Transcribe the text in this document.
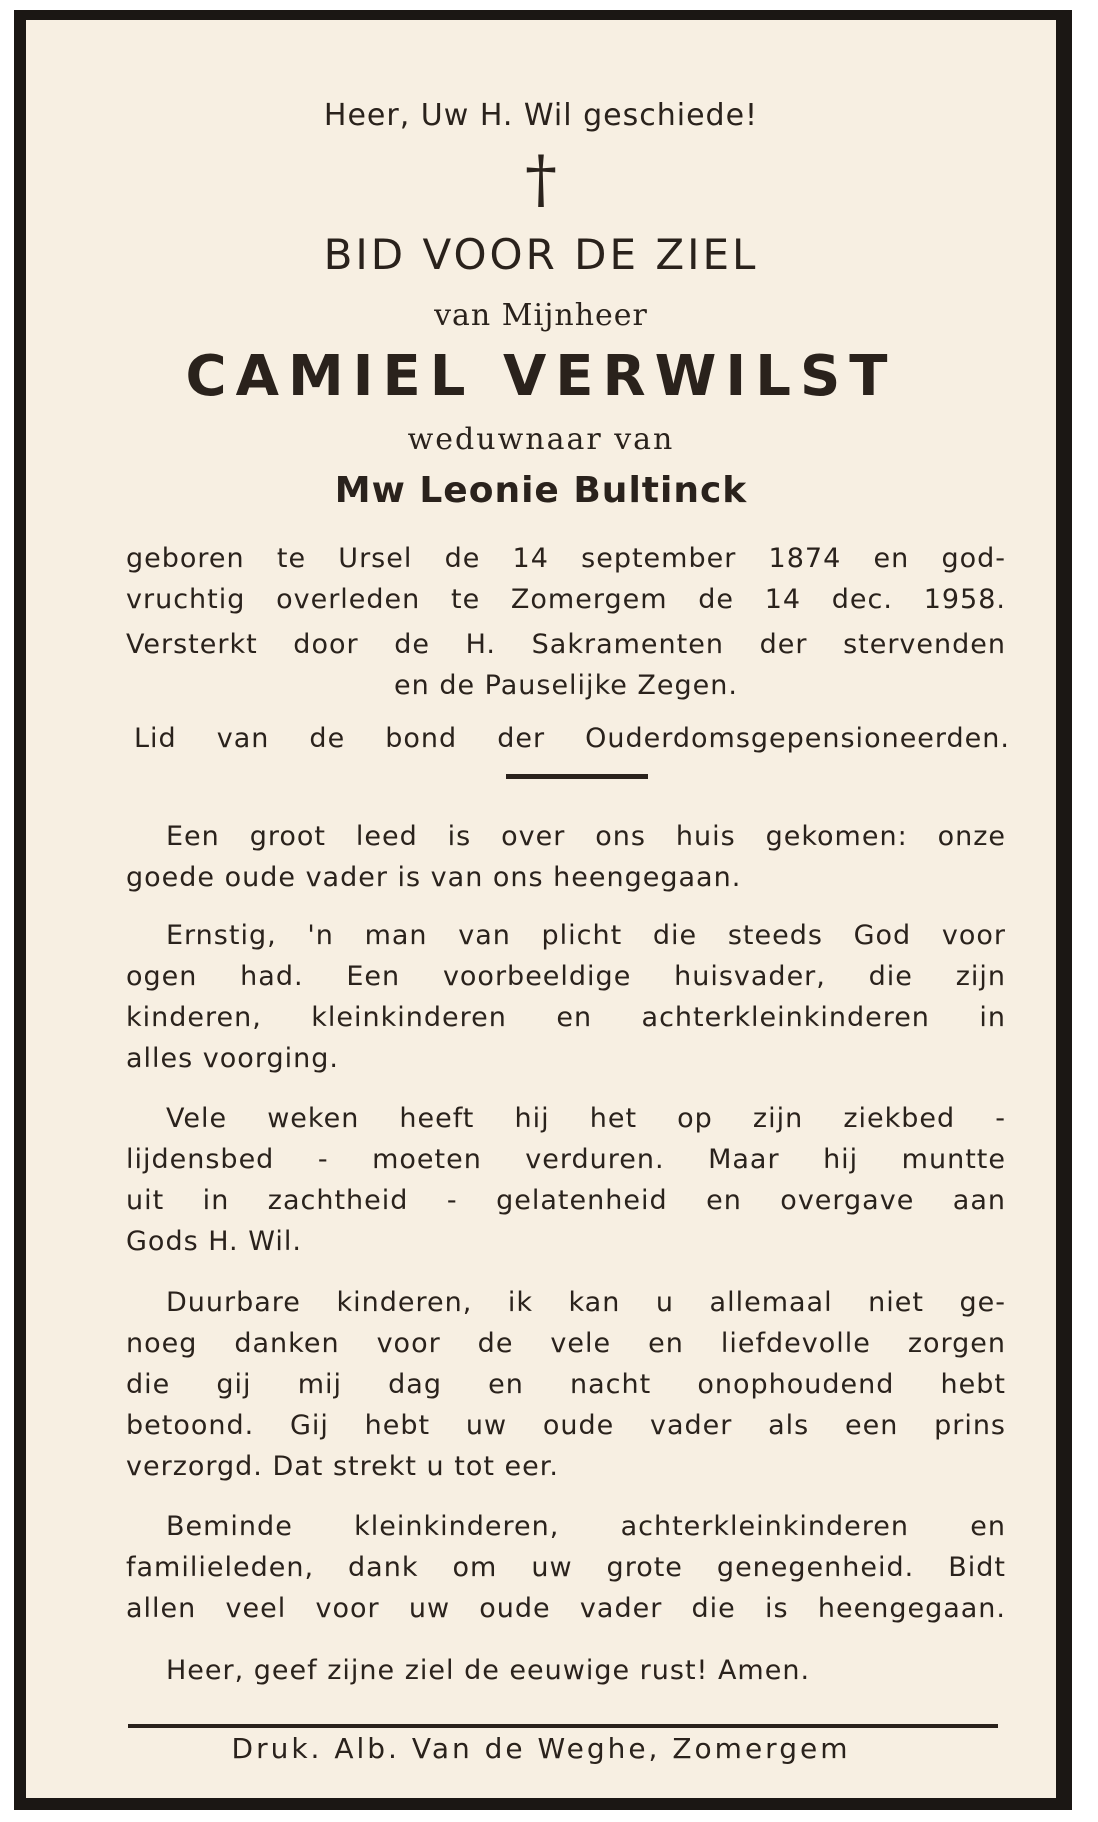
Heer, Uw H. Wil geschiede!
†
BID VOOR DE ZIEL
van Mijnheer
CAMIEL VERWILST
weduwnaar van
Mw Leonie Bultinck
geboren te Ursel de 14 september 1874 en god-
vruchtig overleden te Zomergem de 14 dec. 1958.
Versterkt door de H. Sakramenten der stervenden
en de Pauselijke Zegen.
Lid van de bond der Ouderdomsgepensioneerden.
Een groot leed is over ons huis gekomen: onze
goede oude vader is van ons heengegaan.
Ernstig, 'n man van plicht die steeds God voor
ogen had. Een voorbeeldige huisvader, die zijn
kinderen, kleinkinderen en achterkleinkinderen in
alles voorging.
Vele weken heeft hij het op zijn ziekbed -
lijdensbed - moeten verduren. Maar hij muntte
uit in zachtheid - gelatenheid en overgave aan
Gods H. Wil.
Duurbare kinderen, ik kan u allemaal niet ge-
noeg danken voor de vele en liefdevolle zorgen
die gij mij dag en nacht onophoudend hebt
betoond. Gij hebt uw oude vader als een prins
verzorgd. Dat strekt u tot eer.
Beminde kleinkinderen, achterkleinkinderen en
familieleden, dank om uw grote genegenheid. Bidt
allen veel voor uw oude vader die is heengegaan.
Heer, geef zijne ziel de eeuwige rust! Amen.
Druk. Alb. Van de Weghe, Zomergem
